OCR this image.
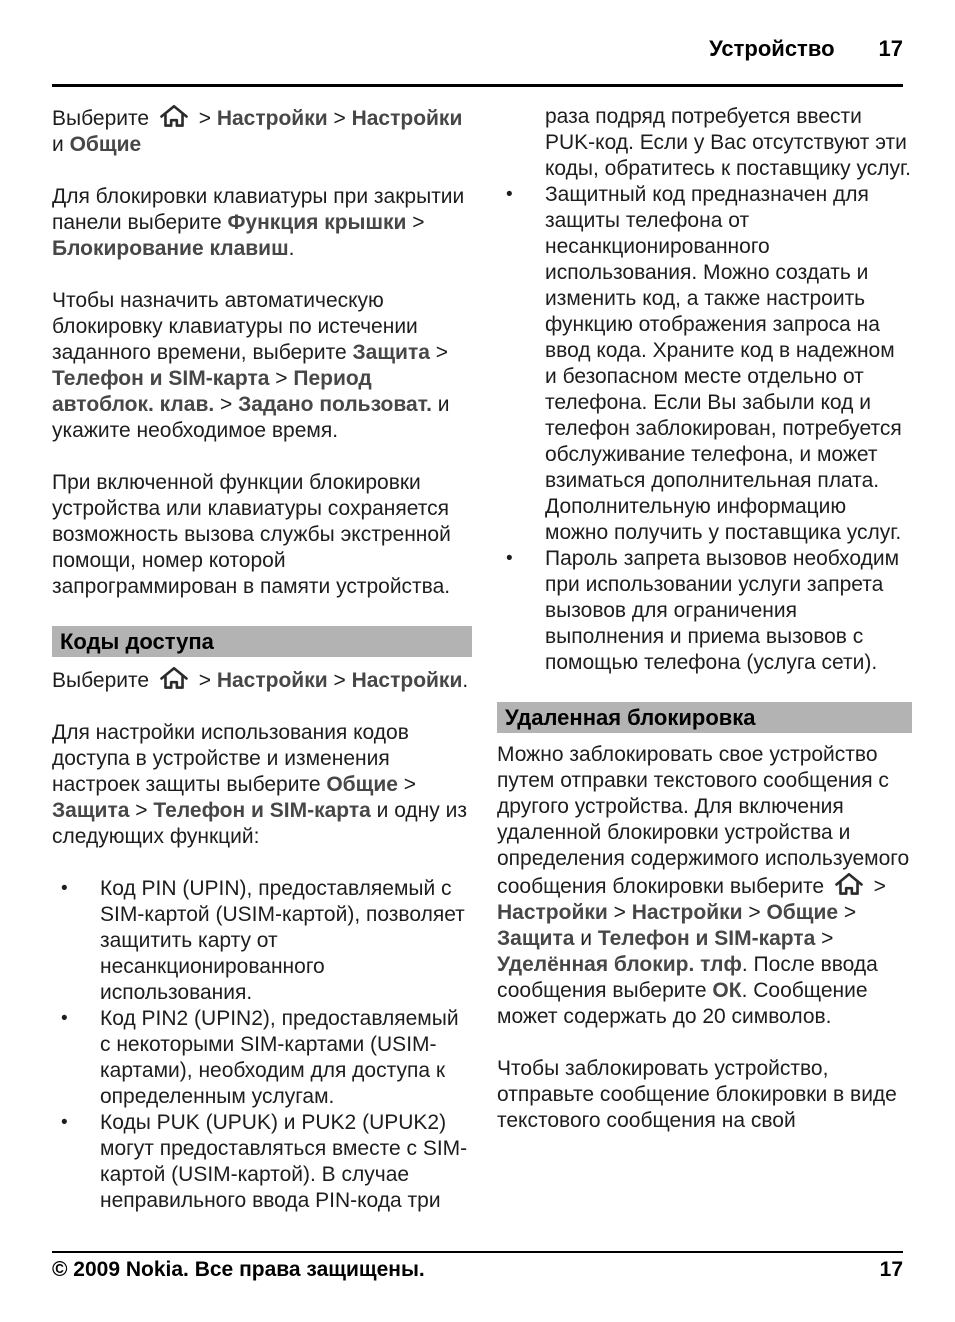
Устройство 17

Выберите  > Настройки > Настройки и Общие

Для блокировки клавиатуры при закрытии панели выберите Функция крышки > Блокирование клавиш.

Чтобы назначить автоматическую блокировку клавиатуры по истечении заданного времени, выберите Защита > Телефон и SIM-карта > Период автоблок. клав. > Задано пользоват. и укажите необходимое время.

При включенной функции блокировки устройства или клавиатуры сохраняется возможность вызова службы экстренной помощи, номер которой запрограммирован в памяти устройства.

Коды доступа

Выберите  > Настройки > Настройки.

Для настройки использования кодов доступа в устройстве и изменения настроек защиты выберите Общие > Защита > Телефон и SIM-карта и одну из следующих функций:

• Код PIN (UPIN), предоставляемый с SIM-картой (USIM-картой), позволяет защитить карту от несанкционированного использования.
• Код PIN2 (UPIN2), предоставляемый с некоторыми SIM-картами (USIM-картами), необходим для доступа к определенным услугам.
• Коды PUK (UPUK) и PUK2 (UPUK2) могут предоставляться вместе с SIM-картой (USIM-картой). В случае неправильного ввода PIN-кода три

раза подряд потребуется ввести PUK-код. Если у Вас отсутствуют эти коды, обратитесь к поставщику услуг.

• Защитный код предназначен для защиты телефона от несанкционированного использования. Можно создать и изменить код, а также настроить функцию отображения запроса на ввод кода. Храните код в надежном и безопасном месте отдельно от телефона. Если Вы забыли код и телефон заблокирован, потребуется обслуживание телефона, и может взиматься дополнительная плата. Дополнительную информацию можно получить у поставщика услуг.
• Пароль запрета вызовов необходим при использовании услуги запрета вызовов для ограничения выполнения и приема вызовов с помощью телефона (услуга сети).
Удаленная блокировка

Можно заблокировать свое устройство путем отправки текстового сообщения с другого устройства. Для включения удаленной блокировки устройства и определения содержимого используемого сообщения блокировки выберите  > Настройки > Настройки > Общие > Защита и Телефон и SIM-карта > Уделённая блокир. тлф. После ввода сообщения выберите ОК. Сообщение может содержать до 20 символов.

Чтобы заблокировать устройство, отправьте сообщение блокировки в виде текстового сообщения на свой

© 2009 Nokia. Все права защищены.	17
